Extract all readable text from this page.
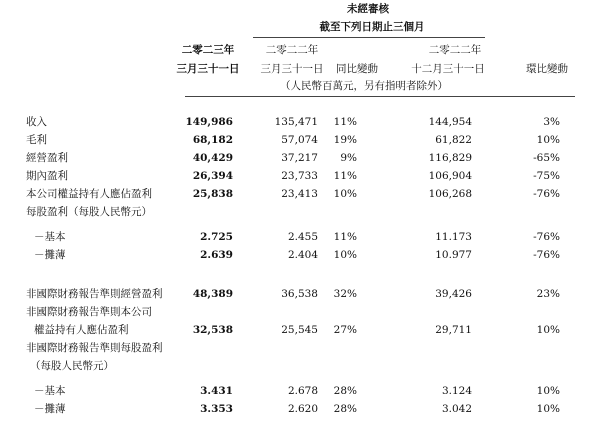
未經審核
截至下列日期止三個月
二零二三年
三月三十一日
二零二二年
三月三十一日 同比變動
二零二二年
十二月三十一日	環比變動
（人民幣百萬元，另有指明者除外）
收入	149,986	135,471 11%	144,954	3%
毛利	68,182	57,074 19%	61,822	10%
經營盈利	40,429	37,217 9%	116,829	-65%
期內盈利	26,394	23,733 11%	106,904	-75%
本公司權益持有人應佔盈利	25,838	23,413 10%	106,268	-76%
每股盈利（每股人民幣元）
－基本	2.725	2.455 11%	11.173	-76%
－攤薄	2.639	2.404 10%	10.977	-76%
非國際財務報告準則經營盈利	48,389	36,538 32%	39,426	23%
非國際財務報告準則本公司
權益持有人應佔盈利	32,538	25,545 27%	29,711	10%
非國際財務報告準則每股盈利
（每股人民幣元）
－基本	3.431	2.678 28%	3.124	10%
－攤薄	3.353	2.620 28%	3.042	10%
